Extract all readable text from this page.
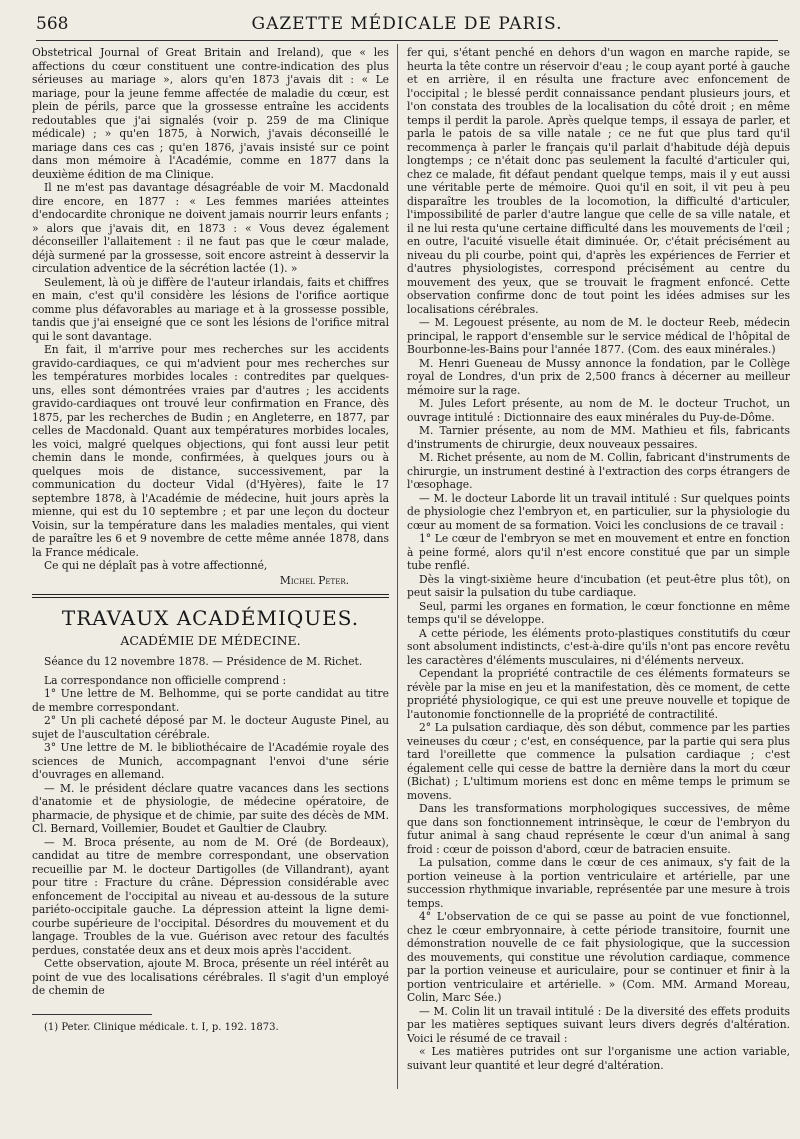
568	GAZETTE MÉDICALE DE PARIS.

Obstetrical Journal of Great Britain and Ireland), que « les affections du cœur constituent une contre-indication des plus sérieuses au mariage », alors qu'en 1873 j'avais dit : « Le mariage, pour la jeune femme affectée de maladie du cœur, est plein de périls, parce que la grossesse entraîne les accidents redoutables que j'ai signalés (voir p. 259 de ma Clinique médicale) ; » qu'en 1875, à Norwich, j'avais déconseillé le mariage dans ces cas ; qu'en 1876, j'avais insisté sur ce point dans mon mémoire à l'Académie, comme en 1877 dans la deuxième édition de ma Clinique.

Il ne m'est pas davantage désagréable de voir M. Macdonald dire encore, en 1877 : « Les femmes mariées atteintes d'endocardite chronique ne doivent jamais nourrir leurs enfants ; » alors que j'avais dit, en 1873 : « Vous devez également déconseiller l'allaitement : il ne faut pas que le cœur malade, déjà surmené par la grossesse, soit encore astreint à desservir la circulation adventice de la sécrétion lactée (1). »

Seulement, là où je diffère de l'auteur irlandais, faits et chiffres en main, c'est qu'il considère les lésions de l'orifice aortique comme plus défavorables au mariage et à la grossesse possible, tandis que j'ai enseigné que ce sont les lésions de l'orifice mitral qui le sont davantage.

En fait, il m'arrive pour mes recherches sur les accidents gravido-cardiaques, ce qui m'advient pour mes recherches sur les températures morbides locales : contredites par quelques-uns, elles sont démontrées vraies par d'autres ; les accidents gravido-cardiaques ont trouvé leur confirmation en France, dès 1875, par les recherches de Budin ; en Angleterre, en 1877, par celles de Macdonald. Quant aux températures morbides locales, les voici, malgré quelques objections, qui font aussi leur petit chemin dans le monde, confirmées, à quelques jours ou à quelques mois de distance, successivement, par la communication du docteur Vidal (d'Hyères), faite le 17 septembre 1878, à l'Académie de médecine, huit jours après la mienne, qui est du 10 septembre ; et par une leçon du docteur Voisin, sur la température dans les maladies mentales, qui vient de paraître les 6 et 9 novembre de cette même année 1878, dans la France médicale.

Ce qui ne déplaît pas à votre affectionné,

Michel Peter.
TRAVAUX ACADÉMIQUES.
ACADÉMIE DE MÉDECINE.

Séance du 12 novembre 1878. — Présidence de M. Richet.

La correspondance non officielle comprend :

1° Une lettre de M. Belhomme, qui se porte candidat au titre de membre correspondant.

2° Un pli cacheté déposé par M. le docteur Auguste Pinel, au sujet de l'auscultation cérébrale.

3° Une lettre de M. le bibliothécaire de l'Académie royale des sciences de Munich, accompagnant l'envoi d'une série d'ouvrages en allemand.

— M. le président déclare quatre vacances dans les sections d'anatomie et de physiologie, de médecine opératoire, de pharmacie, de physique et de chimie, par suite des décès de MM. Cl. Bernard, Voillemier, Boudet et Gaultier de Claubry.

— M. Broca présente, au nom de M. Oré (de Bordeaux), candidat au titre de membre correspondant, une observation recueillie par M. le docteur Dartigolles (de Villandrant), ayant pour titre : Fracture du crâne. Dépression considérable avec enfoncement de l'occipital au niveau et au-dessous de la suture pariéto-occipitale gauche. La dépression atteint la ligne demi-courbe supérieure de l'occipital. Désordres du mouvement et du langage. Troubles de la vue. Guérison avec retour des facultés perdues, constatée deux ans et deux mois après l'accident.

Cette observation, ajoute M. Broca, présente un réel intérêt au point de vue des localisations cérébrales. Il s'agit d'un employé de chemin de

(1) Peter. Clinique médicale. t. I, p. 192. 1873.

fer qui, s'étant penché en dehors d'un wagon en marche rapide, se heurta la tête contre un réservoir d'eau ; le coup ayant porté à gauche et en arrière, il en résulta une fracture avec enfoncement de l'occipital ; le blessé perdit connaissance pendant plusieurs jours, et l'on constata des troubles de la localisation du côté droit ; en même temps il perdit la parole. Après quelque temps, il essaya de parler, et parla le patois de sa ville natale ; ce ne fut que plus tard qu'il recommença à parler le français qu'il parlait d'habitude déjà depuis longtemps ; ce n'était donc pas seulement la faculté d'articuler qui, chez ce malade, fit défaut pendant quelque temps, mais il y eut aussi une véritable perte de mémoire. Quoi qu'il en soit, il vit peu à peu disparaître les troubles de la locomotion, la difficulté d'articuler, l'impossibilité de parler d'autre langue que celle de sa ville natale, et il ne lui resta qu'une certaine difficulté dans les mouvements de l'œil ; en outre, l'acuité visuelle était diminuée. Or, c'était précisément au niveau du pli courbe, point qui, d'après les expériences de Ferrier et d'autres physiologistes, correspond précisément au centre du mouvement des yeux, que se trouvait le fragment enfoncé. Cette observation confirme donc de tout point les idées admises sur les localisations cérébrales.

— M. Legouest présente, au nom de M. le docteur Reeb, médecin principal, le rapport d'ensemble sur le service médical de l'hôpital de Bourbonne-les-Bains pour l'année 1877. (Com. des eaux minérales.)

M. Henri Gueneau de Mussy annonce la fondation, par le Collège royal de Londres, d'un prix de 2,500 francs à décerner au meilleur mémoire sur la rage.

M. Jules Lefort présente, au nom de M. le docteur Truchot, un ouvrage intitulé : Dictionnaire des eaux minérales du Puy-de-Dôme.

M. Tarnier présente, au nom de MM. Mathieu et fils, fabricants d'instruments de chirurgie, deux nouveaux pessaires.

M. Richet présente, au nom de M. Collin, fabricant d'instruments de chirurgie, un instrument destiné à l'extraction des corps étrangers de l'œsophage.

— M. le docteur Laborde lit un travail intitulé : Sur quelques points de physiologie chez l'embryon et, en particulier, sur la physiologie du cœur au moment de sa formation. Voici les conclusions de ce travail :

1° Le cœur de l'embryon se met en mouvement et entre en fonction à peine formé, alors qu'il n'est encore constitué que par un simple tube renflé.

Dès la vingt-sixième heure d'incubation (et peut-être plus tôt), on peut saisir la pulsation du tube cardiaque.

Seul, parmi les organes en formation, le cœur fonctionne en même temps qu'il se développe.

A cette période, les éléments proto-plastiques constitutifs du cœur sont absolument indistincts, c'est-à-dire qu'ils n'ont pas encore revêtu les caractères d'éléments musculaires, ni d'éléments nerveux.

Cependant la propriété contractile de ces éléments formateurs se révèle par la mise en jeu et la manifestation, dès ce moment, de cette propriété physiologique, ce qui est une preuve nouvelle et topique de l'autonomie fonctionnelle de la propriété de contractilité.

2° La pulsation cardiaque, dès son début, commence par les parties veineuses du cœur ; c'est, en conséquence, par la partie qui sera plus tard l'oreillette que commence la pulsation cardiaque ; c'est également celle qui cesse de battre la dernière dans la mort du cœur (Bichat) ; L'ultimum moriens est donc en même temps le primum se movens.

Dans les transformations morphologiques successives, de même que dans son fonctionnement intrinsèque, le cœur de l'embryon du futur animal à sang chaud représente le cœur d'un animal à sang froid : cœur de poisson d'abord, cœur de batracien ensuite.

La pulsation, comme dans le cœur de ces animaux, s'y fait de la portion veineuse à la portion ventriculaire et artérielle, par une succession rhythmique invariable, représentée par une mesure à trois temps.

4° L'observation de ce qui se passe au point de vue fonctionnel, chez le cœur embryonnaire, à cette période transitoire, fournit une démonstration nouvelle de ce fait physiologique, que la succession des mouvements, qui constitue une révolution cardiaque, commence par la portion veineuse et auriculaire, pour se continuer et finir à la portion ventriculaire et artérielle. » (Com. MM. Armand Moreau, Colin, Marc Sée.)

— M. Colin lit un travail intitulé : De la diversité des effets produits par les matières septiques suivant leurs divers degrés d'altération. Voici le résumé de ce travail :

« Les matières putrides ont sur l'organisme une action variable, suivant leur quantité et leur degré d'altération.
